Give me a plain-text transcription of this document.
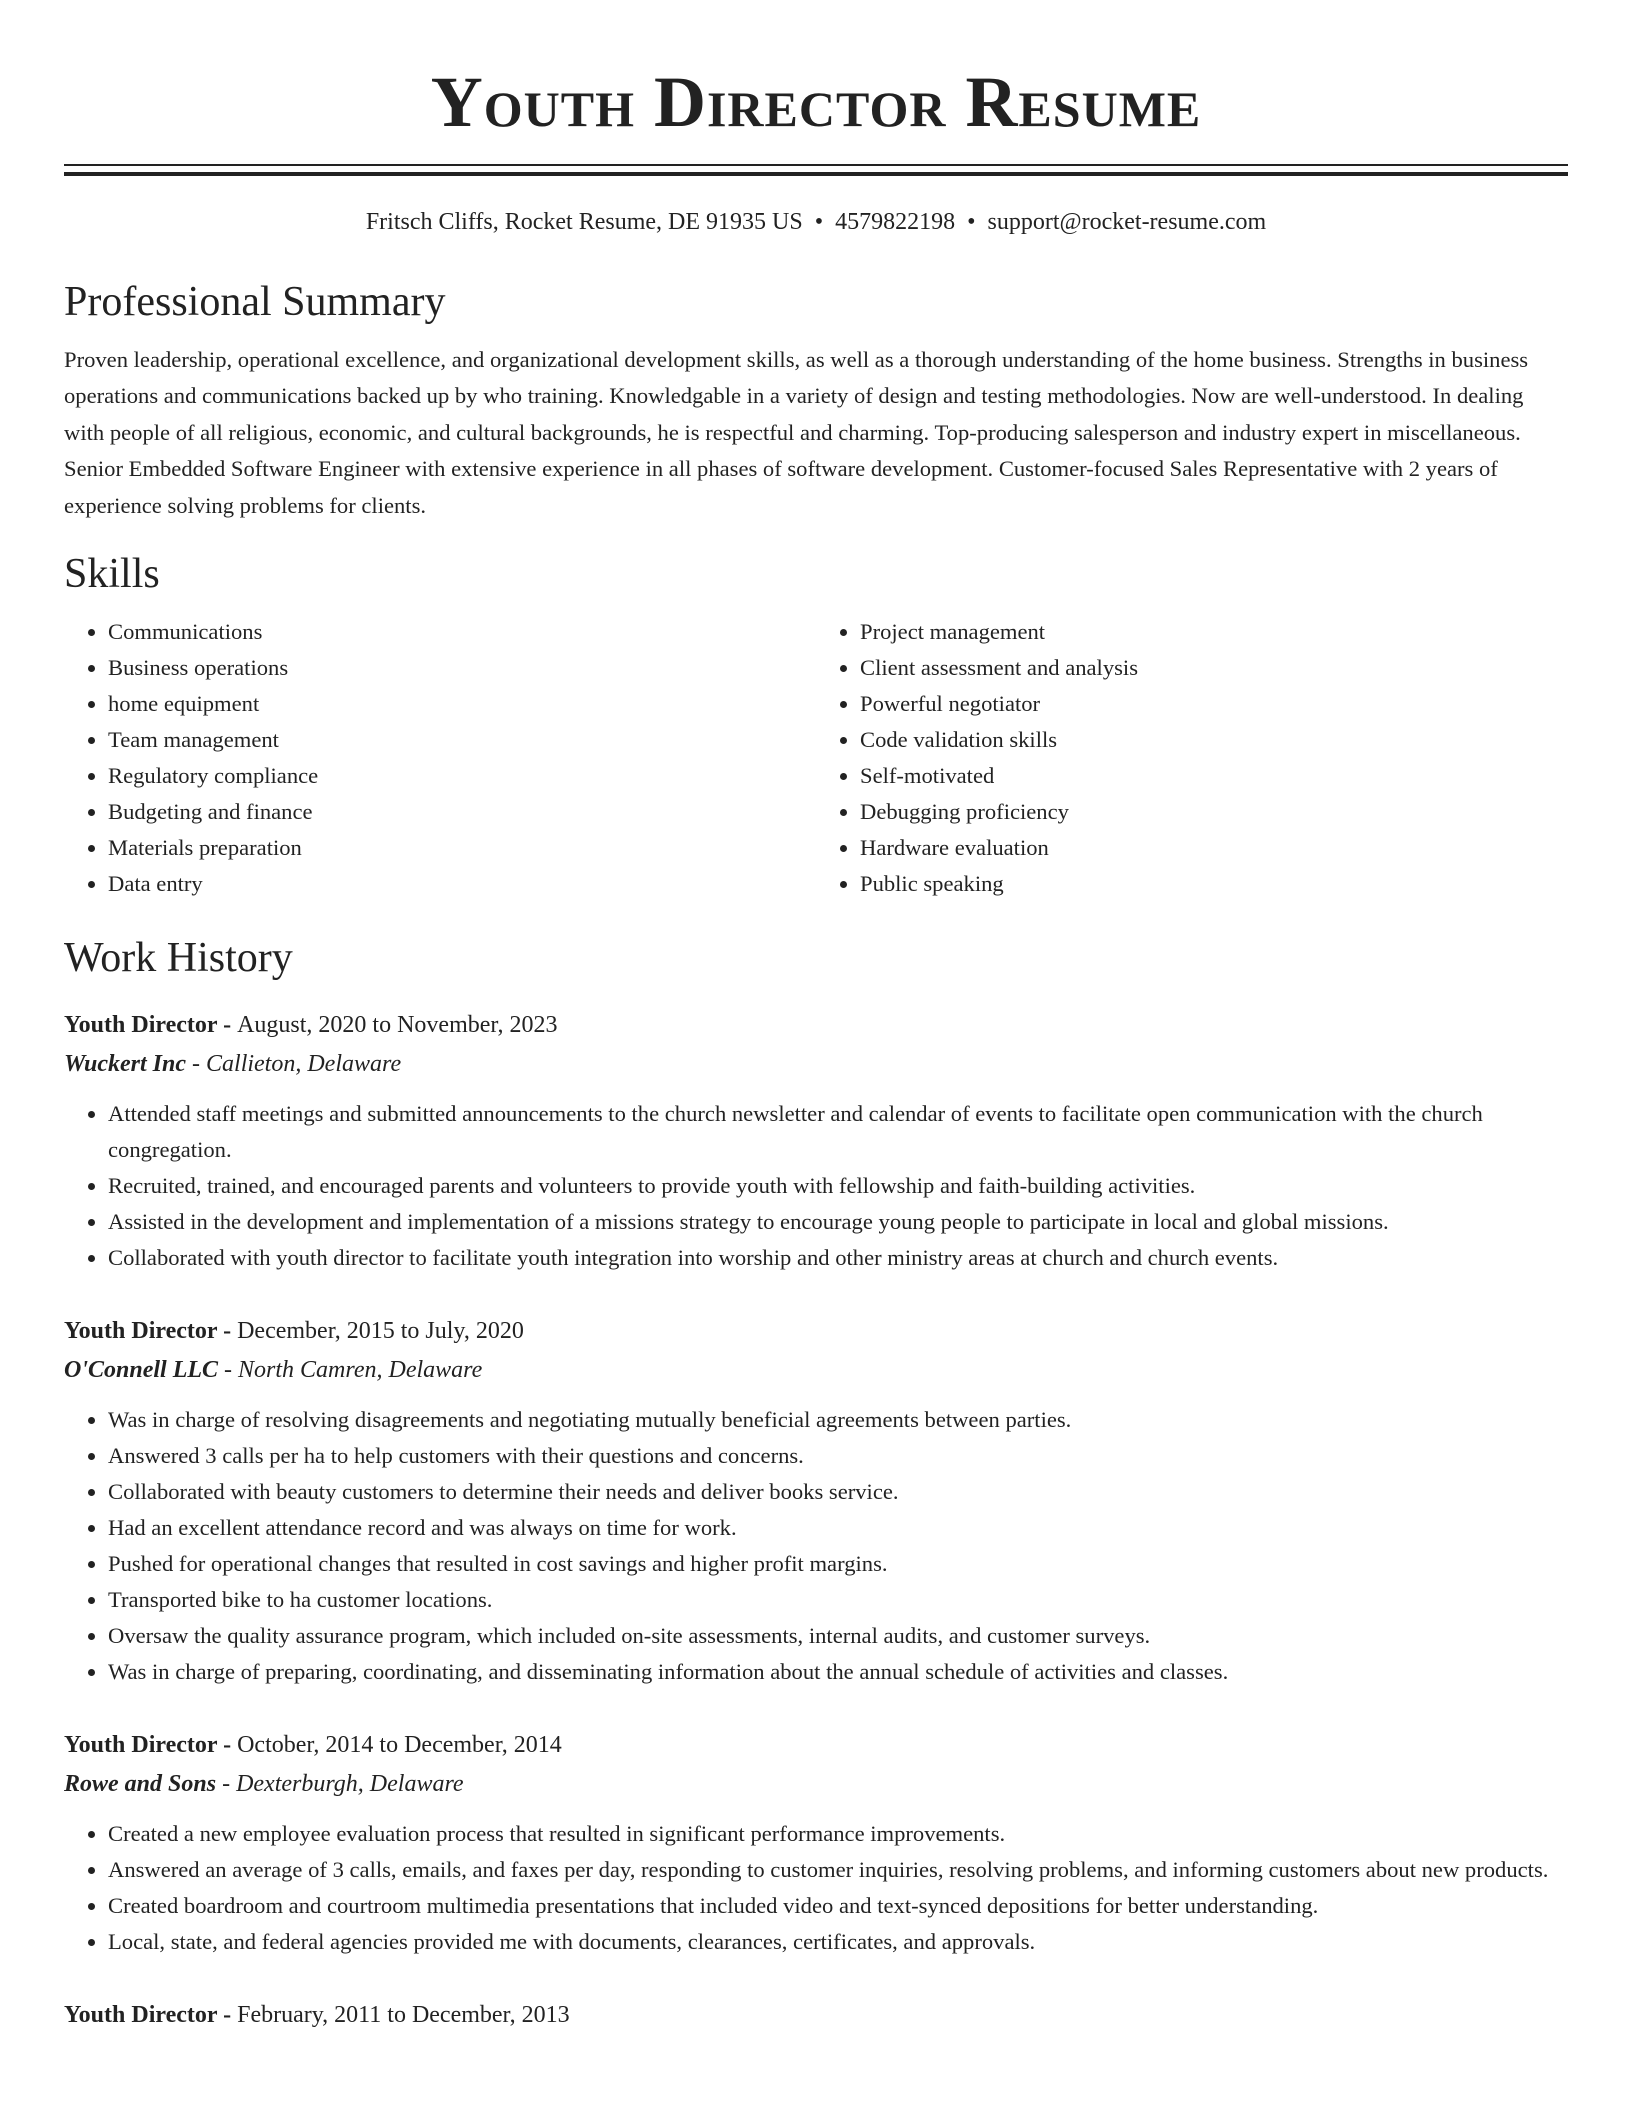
Youth Director Resume
Fritsch Cliffs, Rocket Resume, DE 91935 US • 4579822198 • support@rocket-resume.com
Professional Summary
Proven leadership, operational excellence, and organizational development skills, as well as a thorough understanding of the home business. Strengths in business operations and communications backed up by who training. Knowledgable in a variety of design and testing methodologies. Now are well-understood. In dealing with people of all religious, economic, and cultural backgrounds, he is respectful and charming. Top-producing salesperson and industry expert in miscellaneous. Senior Embedded Software Engineer with extensive experience in all phases of software development. Customer-focused Sales Representative with 2 years of experience solving problems for clients.
Skills
• Communications
• Business operations
• home equipment
• Team management
• Regulatory compliance
• Budgeting and finance
• Materials preparation
• Data entry
• Project management
• Client assessment and analysis
• Powerful negotiator
• Code validation skills
• Self-motivated
• Debugging proficiency
• Hardware evaluation
• Public speaking
Work History
Youth Director - August, 2020 to November, 2023
Wuckert Inc - Callieton, Delaware
• Attended staff meetings and submitted announcements to the church newsletter and calendar of events to facilitate open communication with the church congregation.
• Recruited, trained, and encouraged parents and volunteers to provide youth with fellowship and faith-building activities.
• Assisted in the development and implementation of a missions strategy to encourage young people to participate in local and global missions.
• Collaborated with youth director to facilitate youth integration into worship and other ministry areas at church and church events.
Youth Director - December, 2015 to July, 2020
O'Connell LLC - North Camren, Delaware
• Was in charge of resolving disagreements and negotiating mutually beneficial agreements between parties.
• Answered 3 calls per ha to help customers with their questions and concerns.
• Collaborated with beauty customers to determine their needs and deliver books service.
• Had an excellent attendance record and was always on time for work.
• Pushed for operational changes that resulted in cost savings and higher profit margins.
• Transported bike to ha customer locations.
• Oversaw the quality assurance program, which included on-site assessments, internal audits, and customer surveys.
• Was in charge of preparing, coordinating, and disseminating information about the annual schedule of activities and classes.
Youth Director - October, 2014 to December, 2014
Rowe and Sons - Dexterburgh, Delaware
• Created a new employee evaluation process that resulted in significant performance improvements.
• Answered an average of 3 calls, emails, and faxes per day, responding to customer inquiries, resolving problems, and informing customers about new products.
• Created boardroom and courtroom multimedia presentations that included video and text-synced depositions for better understanding.
• Local, state, and federal agencies provided me with documents, clearances, certificates, and approvals.
Youth Director - February, 2011 to December, 2013
